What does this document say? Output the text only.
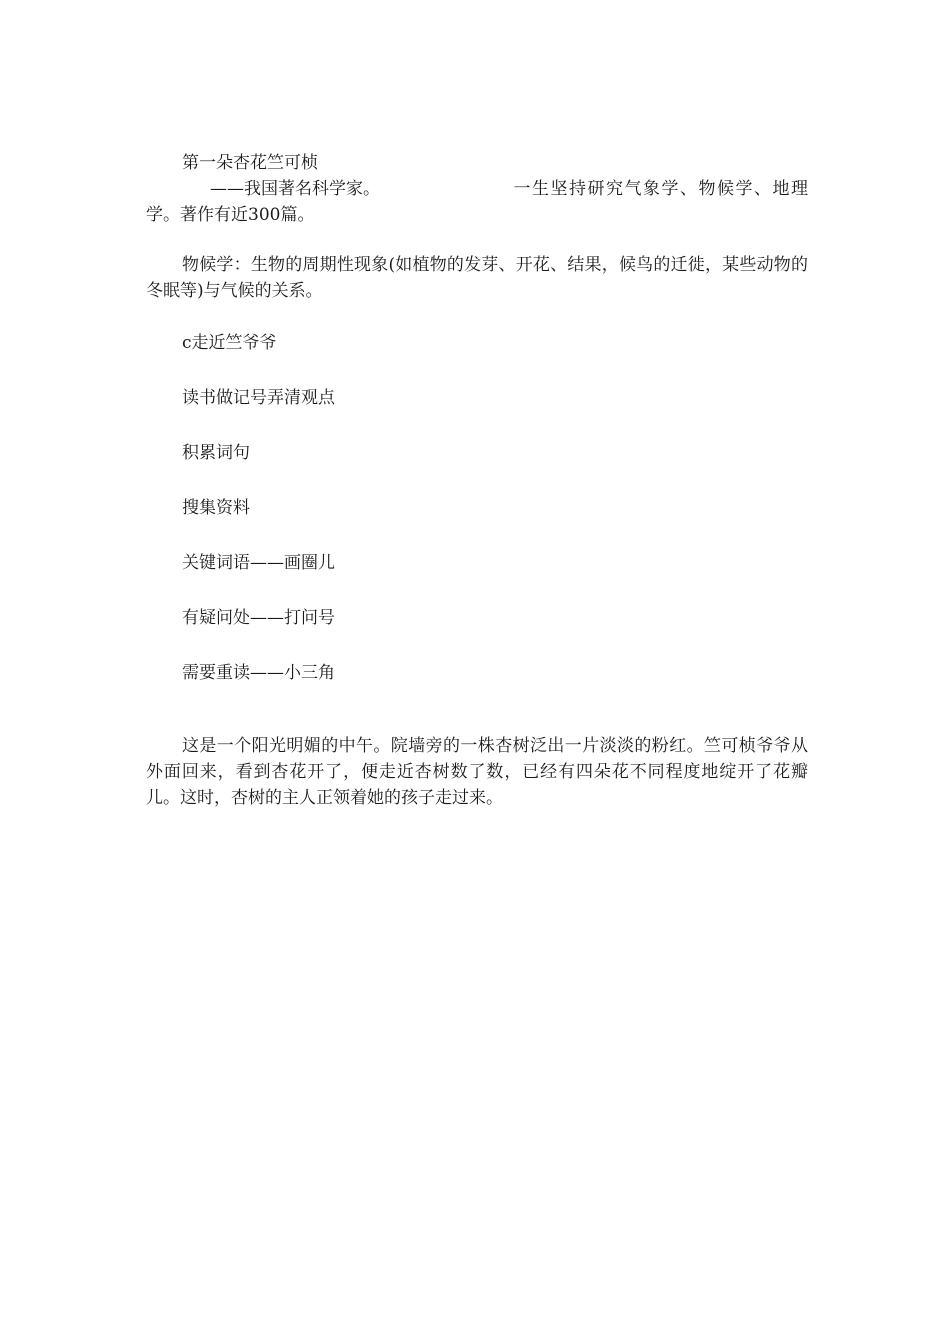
第一朵杏花竺可桢

——我国著名科学家。	一生坚持研究气象学、物候学、地理学。著作有近300篇。

物候学：生物的周期性现象(如植物的发芽、开花、结果，候鸟的迁徙，某些动物的冬眠等)与气候的关系。

c走近竺爷爷

读书做记号弄清观点

积累词句

搜集资料

关键词语——画圈儿

有疑问处——打问号

需要重读——小三角

这是一个阳光明媚的中午。院墙旁的一株杏树泛出一片淡淡的粉红。竺可桢爷爷从外面回来，看到杏花开了，便走近杏树数了数，已经有四朵花不同程度地绽开了花瓣儿。这时，杏树的主人正领着她的孩子走过来。
